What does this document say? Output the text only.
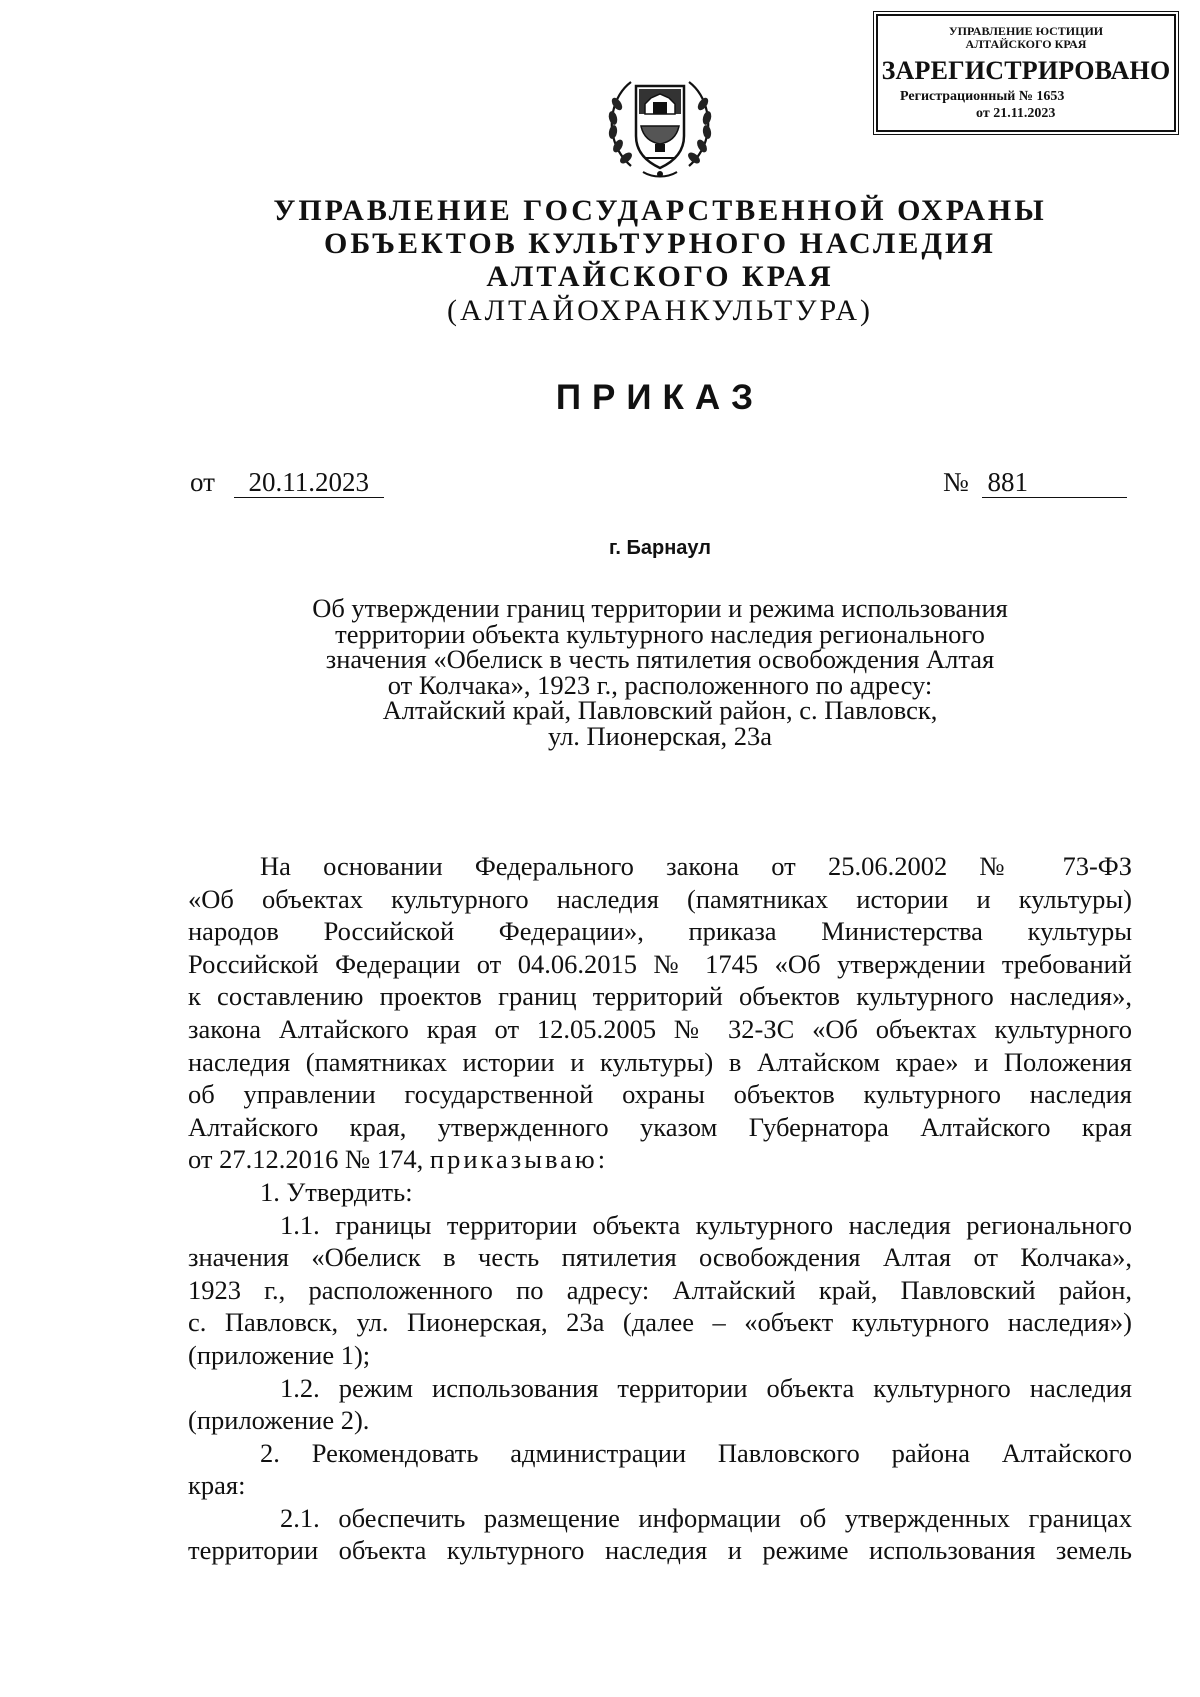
УПРАВЛЕНИЕ ЮСТИЦИИ
АЛТАЙСКОГО КРАЯ
ЗАРЕГИСТРИРОВАНО
Регистрационный № 1653
от 21.11.2023
УПРАВЛЕНИЕ ГОСУДАРСТВЕННОЙ ОХРАНЫ
ОБЪЕКТОВ КУЛЬТУРНОГО НАСЛЕДИЯ
АЛТАЙСКОГО КРАЯ
(АЛТАЙОХРАНКУЛЬТУРА)
ПРИКАЗ
от 20.11.2023	№ 881
г. Барнаул
Об утверждении границ территории и режима использования
территории объекта культурного наследия регионального
значения «Обелиск в честь пятилетия освобождения Алтая
от Колчака», 1923 г., расположенного по адресу:
Алтайский край, Павловский район, с. Павловск,
ул. Пионерская, 23а
На основании Федерального закона от 25.06.2002 № 73-ФЗ
«Об объектах культурного наследия (памятниках истории и культуры)
народов Российской Федерации», приказа Министерства культуры
Российской Федерации от 04.06.2015 № 1745 «Об утверждении требований
к составлению проектов границ территорий объектов культурного наследия»,
закона Алтайского края от 12.05.2005 № 32-ЗС «Об объектах культурного
наследия (памятниках истории и культуры) в Алтайском крае» и Положения
об управлении государственной охраны объектов культурного наследия
Алтайского края, утвержденного указом Губернатора Алтайского края
от 27.12.2016 № 174, приказываю:
1. Утвердить:
1.1. границы территории объекта культурного наследия регионального
значения «Обелиск в честь пятилетия освобождения Алтая от Колчака»,
1923 г., расположенного по адресу: Алтайский край, Павловский район,
с. Павловск, ул. Пионерская, 23а (далее – «объект культурного наследия»)
(приложение 1);
1.2. режим использования территории объекта культурного наследия
(приложение 2).
2. Рекомендовать администрации Павловского района Алтайского
края:
2.1. обеспечить размещение информации об утвержденных границах
территории объекта культурного наследия и режиме использования земель
